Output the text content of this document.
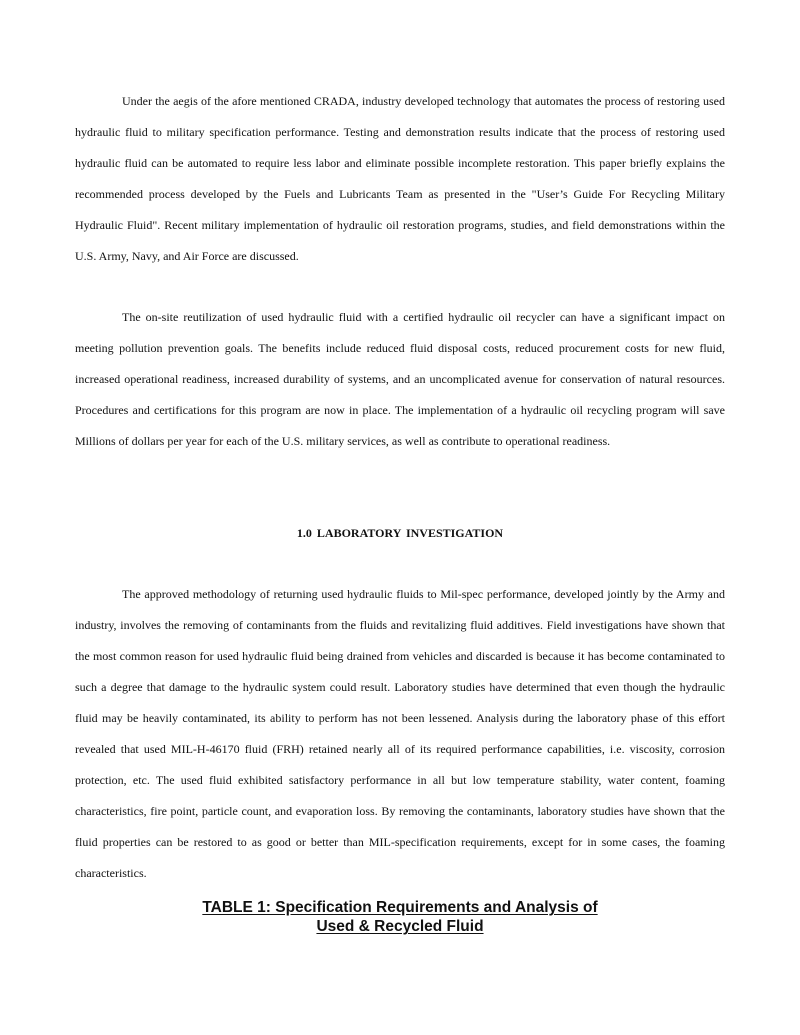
Under the aegis of the afore mentioned CRADA, industry developed technology that automates the process of restoring used hydraulic fluid to military specification performance. Testing and demonstration results indicate that the process of restoring used hydraulic fluid can be automated to require less labor and eliminate possible incomplete restoration. This paper briefly explains the recommended process developed by the Fuels and Lubricants Team as presented in the "User’s Guide For Recycling Military Hydraulic Fluid". Recent military implementation of hydraulic oil restoration programs, studies, and field demonstrations within the U.S. Army, Navy, and Air Force are discussed.

The on-site reutilization of used hydraulic fluid with a certified hydraulic oil recycler can have a significant impact on meeting pollution prevention goals. The benefits include reduced fluid disposal costs, reduced procurement costs for new fluid, increased operational readiness, increased durability of systems, and an uncomplicated avenue for conservation of natural resources. Procedures and certifications for this program are now in place. The implementation of a hydraulic oil recycling program will save Millions of dollars per year for each of the U.S. military services, as well as contribute to operational readiness.

1.0 LABORATORY INVESTIGATION

The approved methodology of returning used hydraulic fluids to Mil-spec performance, developed jointly by the Army and industry, involves the removing of contaminants from the fluids and revitalizing fluid additives. Field investigations have shown that the most common reason for used hydraulic fluid being drained from vehicles and discarded is because it has become contaminated to such a degree that damage to the hydraulic system could result. Laboratory studies have determined that even though the hydraulic fluid may be heavily contaminated, its ability to perform has not been lessened. Analysis during the laboratory phase of this effort revealed that used MIL-H-46170 fluid (FRH) retained nearly all of its required performance capabilities, i.e. viscosity, corrosion protection, etc. The used fluid exhibited satisfactory performance in all but low temperature stability, water content, foaming characteristics, fire point, particle count, and evaporation loss. By removing the contaminants, laboratory studies have shown that the fluid properties can be restored to as good or better than MIL-specification requirements, except for in some cases, the foaming characteristics.

TABLE 1: Specification Requirements and Analysis of
Used & Recycled Fluid
